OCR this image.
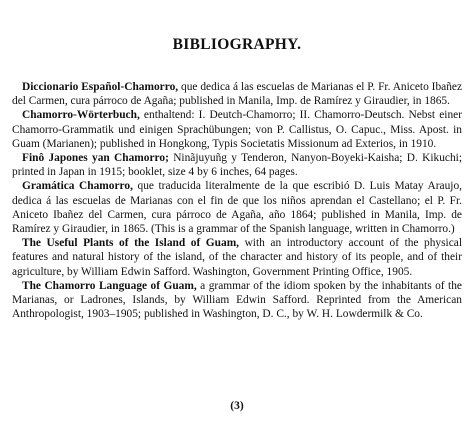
BIBLIOGRAPHY.

Diccionario Español-Chamorro, que dedica á las escuelas de Marianas el P. Fr. Aniceto Ibañez del Carmen, cura párroco de Agaña; published in Manila, Imp. de Ramírez y Giraudier, in 1865.

Chamorro-Wörterbuch, enthaltend: I. Deutch-Chamorro; II. Chamorro-Deutsch. Nebst einer Chamorro-Grammatik und einigen Sprachübungen; von P. Callistus, O. Capuc., Miss. Apost. in Guam (Marianen); published in Hongkong, Typis Societatis Missionum ad Exterios, in 1910.

Finô Japones yan Chamorro; Ninãjuyuñg y Tenderon, Nanyon-Boyeki-Kaisha; D. Kikuchi; printed in Japan in 1915; booklet, size 4 by 6 inches, 64 pages.

Gramática Chamorro, que traducida literalmente de la que escribió D. Luis Matay Araujo, dedica á las escuelas de Marianas con el fin de que los niños aprendan el Castellano; el P. Fr. Aniceto Ibañez del Carmen, cura párroco de Agaña, año 1864; published in Manila, Imp. de Ramírez y Giraudier, in 1865. (This is a grammar of the Spanish language, written in Chamorro.)

The Useful Plants of the Island of Guam, with an introductory account of the physical features and natural history of the island, of the character and history of its people, and of their agriculture, by William Edwin Safford. Washington, Government Printing Office, 1905.

The Chamorro Language of Guam, a grammar of the idiom spoken by the inhabitants of the Marianas, or Ladrones, Islands, by William Edwin Safford. Reprinted from the American Anthropologist, 1903–1905; published in Washington, D. C., by W. H. Lowdermilk & Co.

(3)
